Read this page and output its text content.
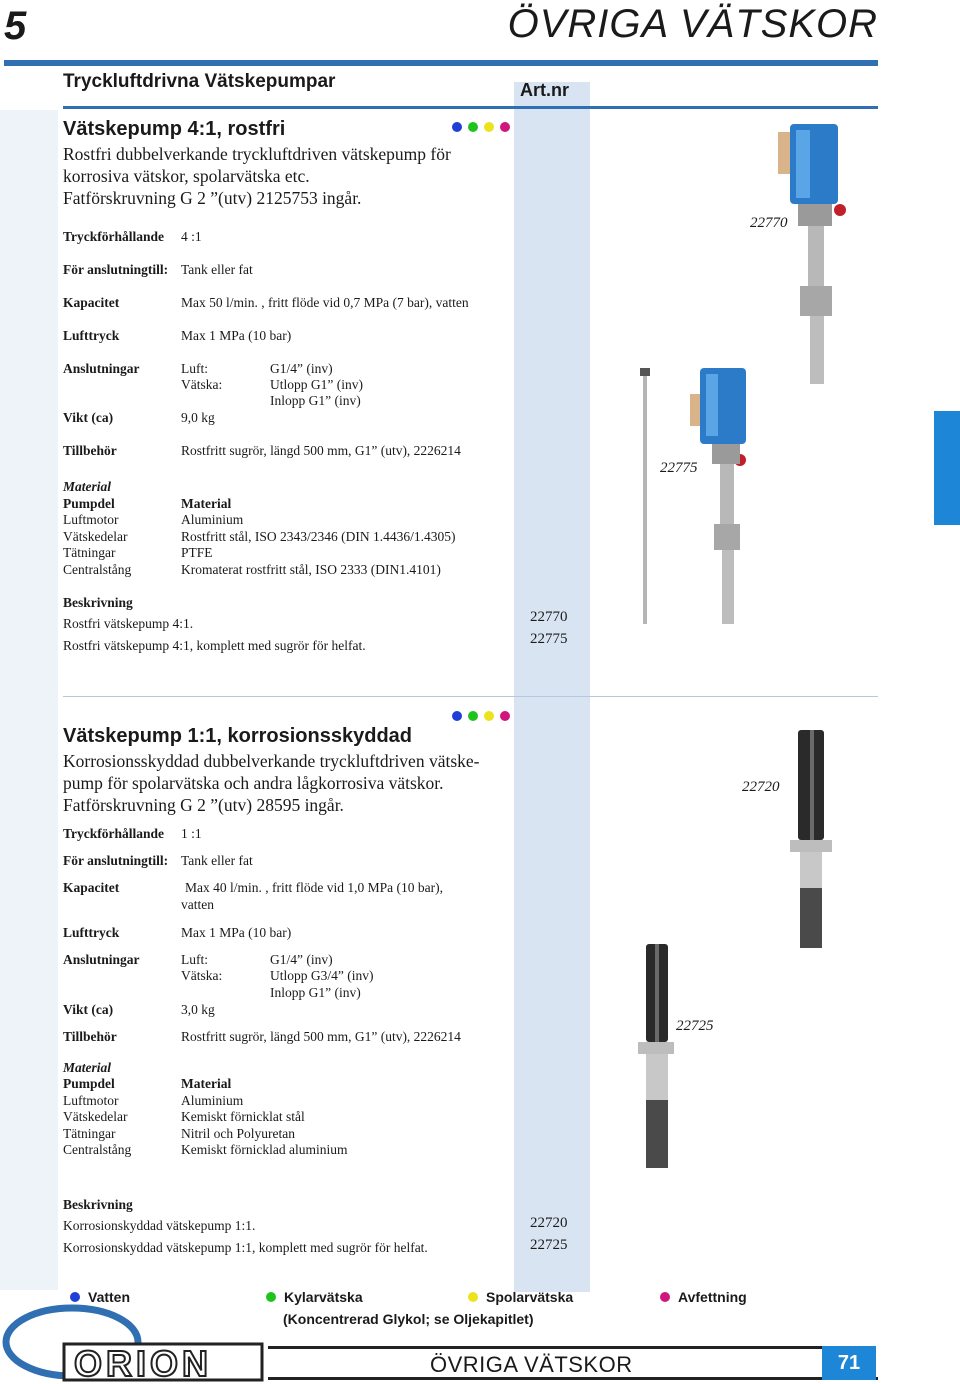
5	ÖVRIGA VÄTSKOR
Tryckluftdrivna Vätskepumpar	Art.nr
Vätskepump 4:1, rostfri
Rostfri dubbelverkande tryckluftdriven vätskepump för
korrosiva vätskor, spolarvätska etc.
Fatförskruvning G 2 ”(utv) 2125753 ingår.
Tryckförhållande 4 :1
För anslutningtill: Tank eller fat
Kapacitet	Max 50 l/min. , fritt flöde vid 0,7 MPa (7 bar), vatten
Lufttryck	Max 1 MPa (10 bar)
Anslutningar	Luft:	G1/4” (inv)
Vätska:	Utlopp G1” (inv)
Inlopp G1” (inv)
Vikt (ca)	9,0 kg
Tillbehör	Rostfritt sugrör, längd 500 mm, G1” (utv), 2226214
Material
Pumpdel	Material
Luftmotor	Aluminium
Vätskedelar	Rostfritt stål, ISO 2343/2346 (DIN 1.4436/1.4305)
Tätningar	PTFE
Centralstång	Kromaterat rostfritt stål, ISO 2333 (DIN1.4101)
Beskrivning
Rostfri vätskepump 4:1.	22770
Rostfri vätskepump 4:1, komplett med sugrör för helfat.	22775
22770
22775
Vätskepump 1:1, korrosionsskyddad
Korrosionsskyddad dubbelverkande tryckluftdriven vätske-
pump för spolarvätska och andra lågkorrosiva vätskor.
Fatförskruvning G 2 ”(utv) 28595 ingår.
Tryckförhållande 1 :1
För anslutningtill: Tank eller fat
Kapacitet	Max 40 l/min. , fritt flöde vid 1,0 MPa (10 bar),
vatten
Lufttryck	Max 1 MPa (10 bar)
Anslutningar	Luft:	G1/4” (inv)
Vätska:	Utlopp G3/4” (inv)
Inlopp G1” (inv)
Vikt (ca)	3,0 kg
Tillbehör	Rostfritt sugrör, längd 500 mm, G1” (utv), 2226214
Material
Pumpdel	Material
Luftmotor	Aluminium
Vätskedelar	Kemiskt förnicklat stål
Tätningar	Nitril och Polyuretan
Centralstång	Kemiskt förnicklad aluminium
Beskrivning
Korrosionskyddad vätskepump 1:1.	22720
Korrosionskyddad vätskepump 1:1, komplett med sugrör för helfat.	22725
22720
22725
Vatten	Kylarvätska	Spolarvätska	Avfettning
(Koncentrerad Glykol; se Oljekapitlet)
ORION	ÖVRIGA VÄTSKOR	71
